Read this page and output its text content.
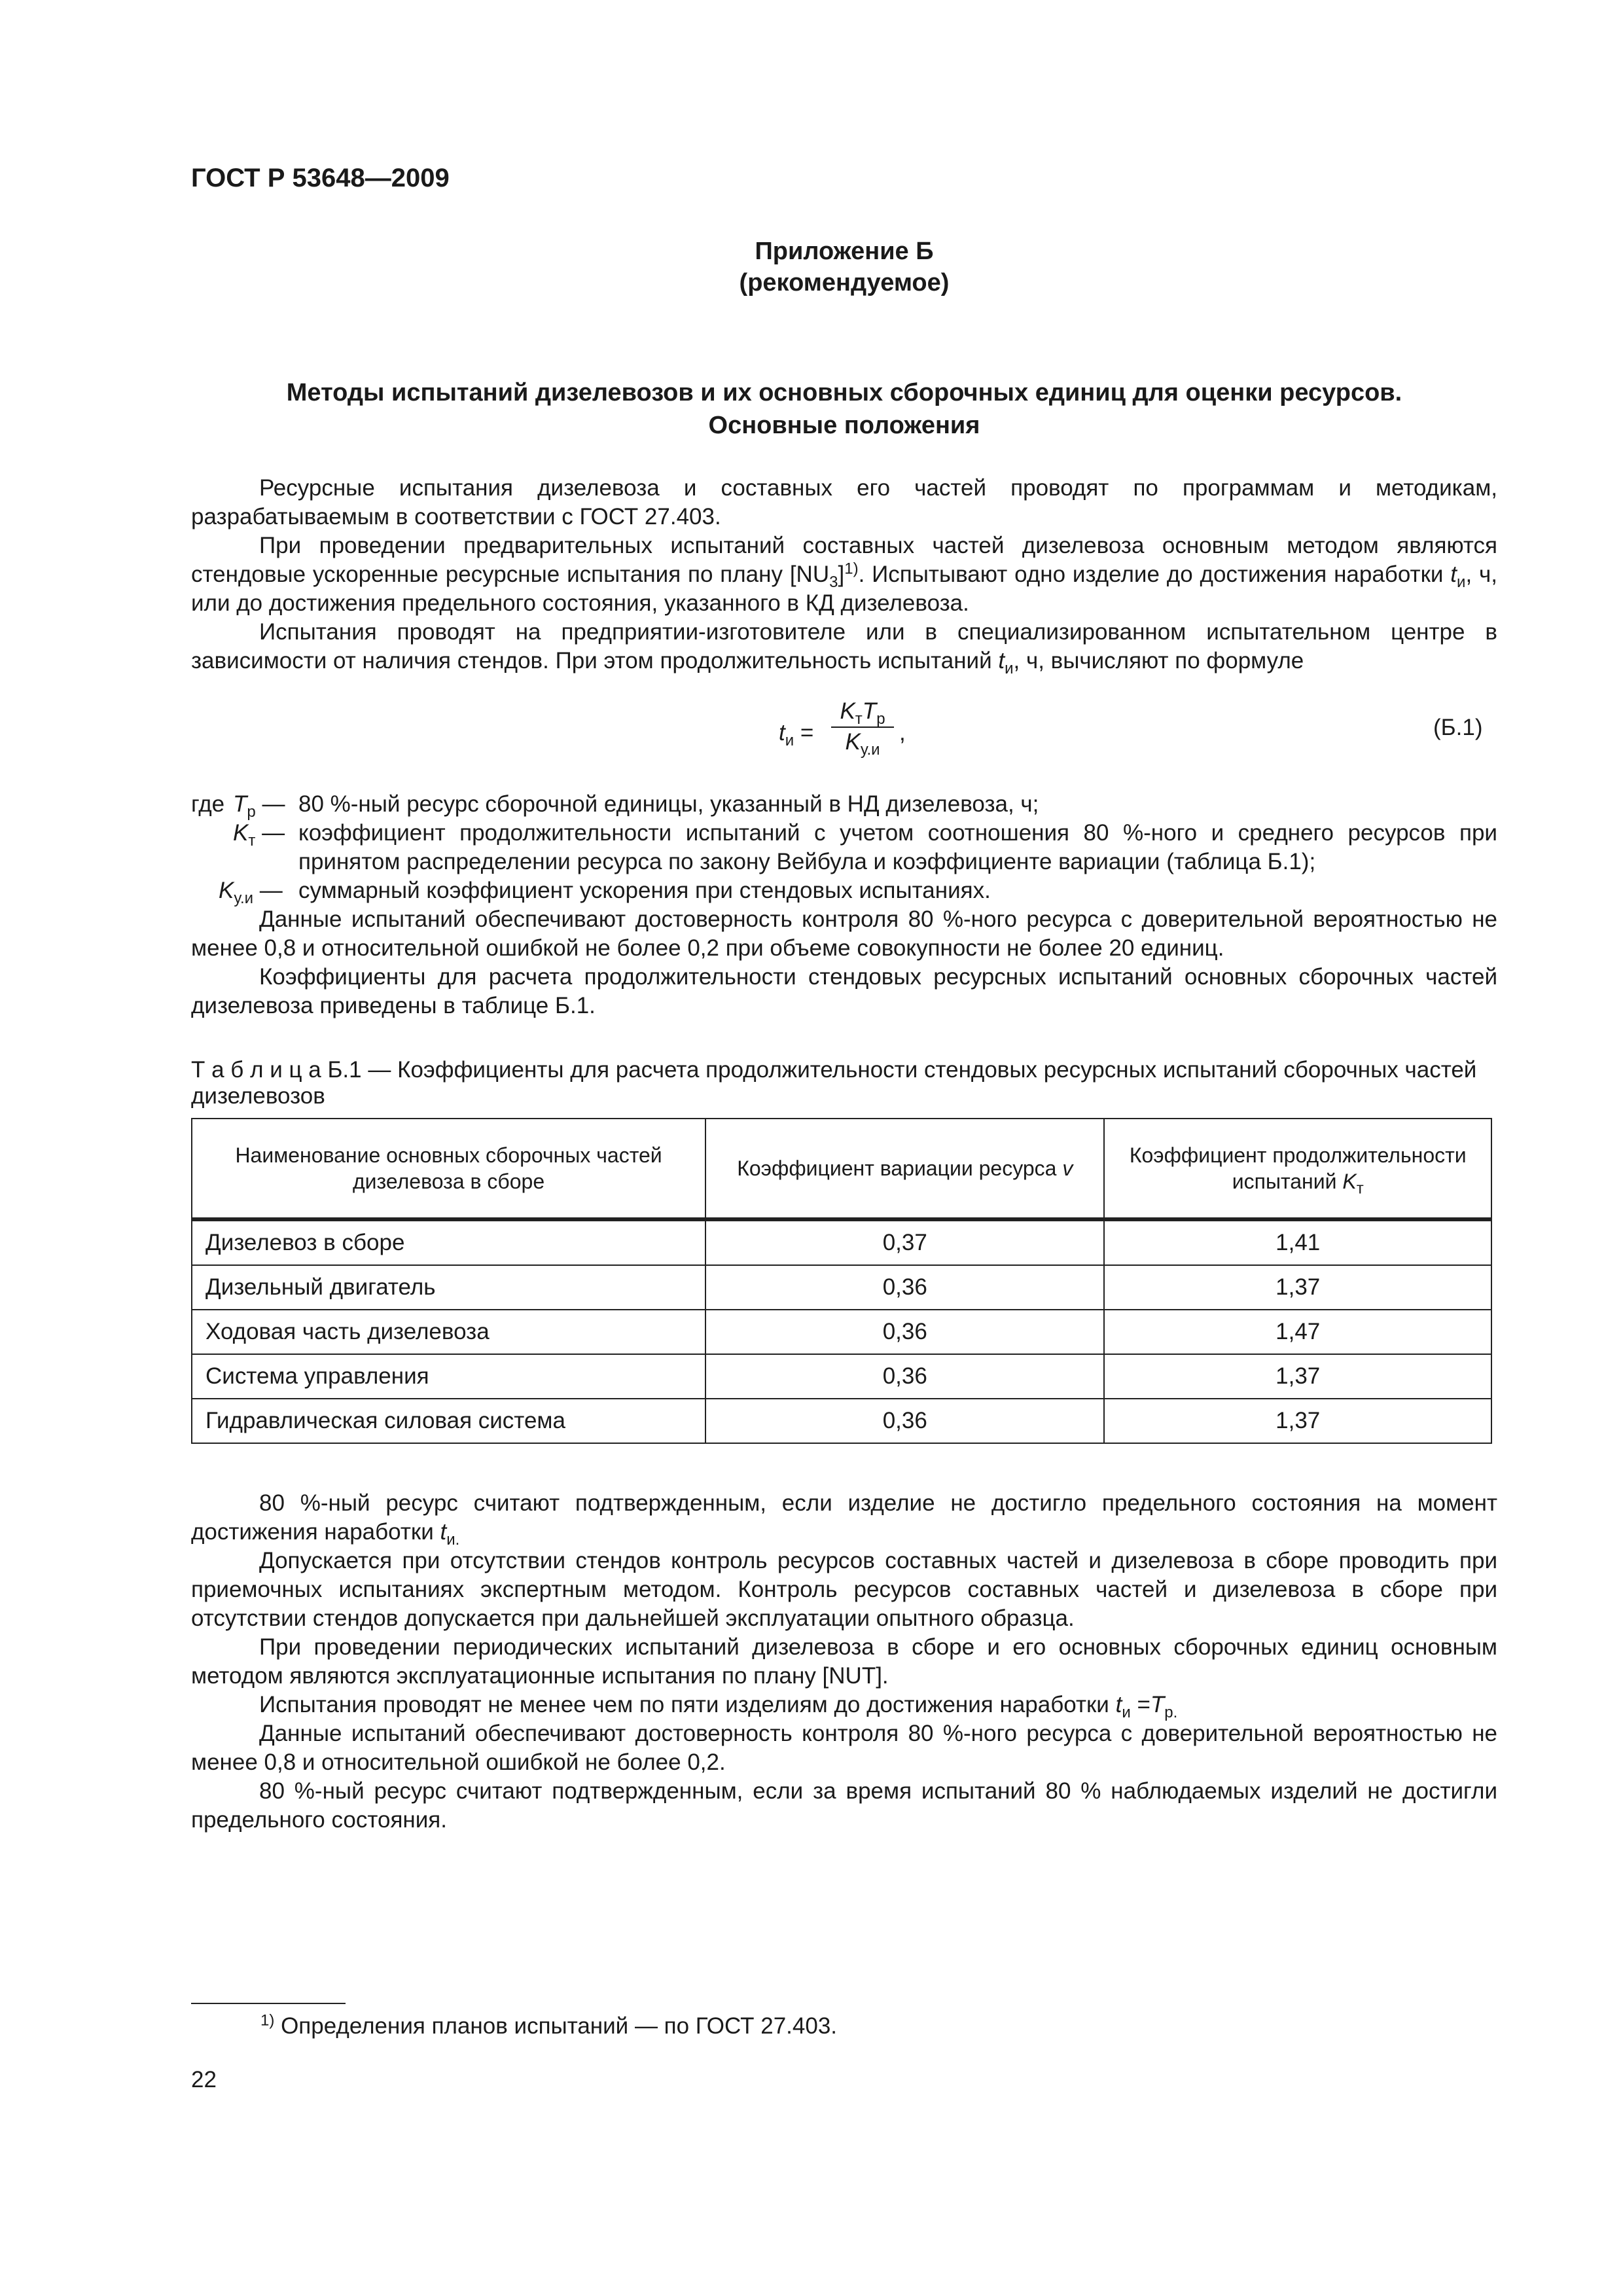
ГОСТ Р 53648—2009
Приложение Б
(рекомендуемое)
Методы испытаний дизелевозов и их основных сборочных единиц для оценки ресурсов.
Основные положения

Ресурсные испытания дизелевоза и составных его частей проводят по программам и методикам, разрабатываемым в соответствии с ГОСТ 27.403.

При проведении предварительных испытаний составных частей дизелевоза основным методом являются стендовые ускоренные ресурсные испытания по плану $[NU_3]^{1)}$. Испытывают одно изделие до достижения наработки $t_и$, ч, или до достижения предельного состояния, указанного в КД дизелевоза.

Испытания проводят на предприятии-изготовителе или в специализированном испытательном центре в зависимости от наличия стендов. При этом продолжительность испытаний $t_и$, ч, вычисляют по формуле

$t_и$ =
$K_тT_р$
$K_{у.и}$
,	(Б.1)
где $T_р$ — 80 %-ный ресурс сборочной единицы, указанный в НД дизелевоза, ч;
$K_т$ — коэффициент продолжительности испытаний с учетом соотношения 80 %-ного и среднего ресурсов при принятом распределении ресурса по закону Вейбула и коэффициенте вариации (таблица Б.1);
$K_{у.и}$ — суммарный коэффициент ускорения при стендовых испытаниях.

Данные испытаний обеспечивают достоверность контроля 80 %-ного ресурса с доверительной вероятностью не менее 0,8 и относительной ошибкой не более 0,2 при объеме совокупности не более 20 единиц.

Коэффициенты для расчета продолжительности стендовых ресурсных испытаний основных сборочных частей дизелевоза приведены в таблице Б.1.

Т а б л и ц а Б.1 — Коэффициенты для расчета продолжительности стендовых ресурсных испытаний сборочных частей дизелевозов
Наименование основных сборочных частей дизелевоза в сборе	Коэффициент вариации ресурса v	Коэффициент продолжительности испытаний $K_т$
Дизелевоз в сборе	0,37	1,41
Дизельный двигатель	0,36	1,37
Ходовая часть дизелевоза	0,36	1,47
Система управления	0,36	1,37
Гидравлическая силовая система	0,36	1,37

80 %-ный ресурс считают подтвержденным, если изделие не достигло предельного состояния на момент достижения наработки $t_{и.}$

Допускается при отсутствии стендов контроль ресурсов составных частей и дизелевоза в сборе проводить при приемочных испытаниях экспертным методом. Контроль ресурсов составных частей и дизелевоза в сборе при отсутствии стендов допускается при дальнейшей эксплуатации опытного образца.

При проведении периодических испытаний дизелевоза в сборе и его основных сборочных единиц основным методом являются эксплуатационные испытания по плану [NUT].

Испытания проводят не менее чем по пяти изделиям до достижения наработки $t_и =T_{р.}$

Данные испытаний обеспечивают достоверность контроля 80 %-ного ресурса с доверительной вероятностью не менее 0,8 и относительной ошибкой не более 0,2.

80 %-ный ресурс считают подтвержденным, если за время испытаний 80 % наблюдаемых изделий не достигли предельного состояния.

$^{1)}$ Определения планов испытаний — по ГОСТ 27.403.
22
